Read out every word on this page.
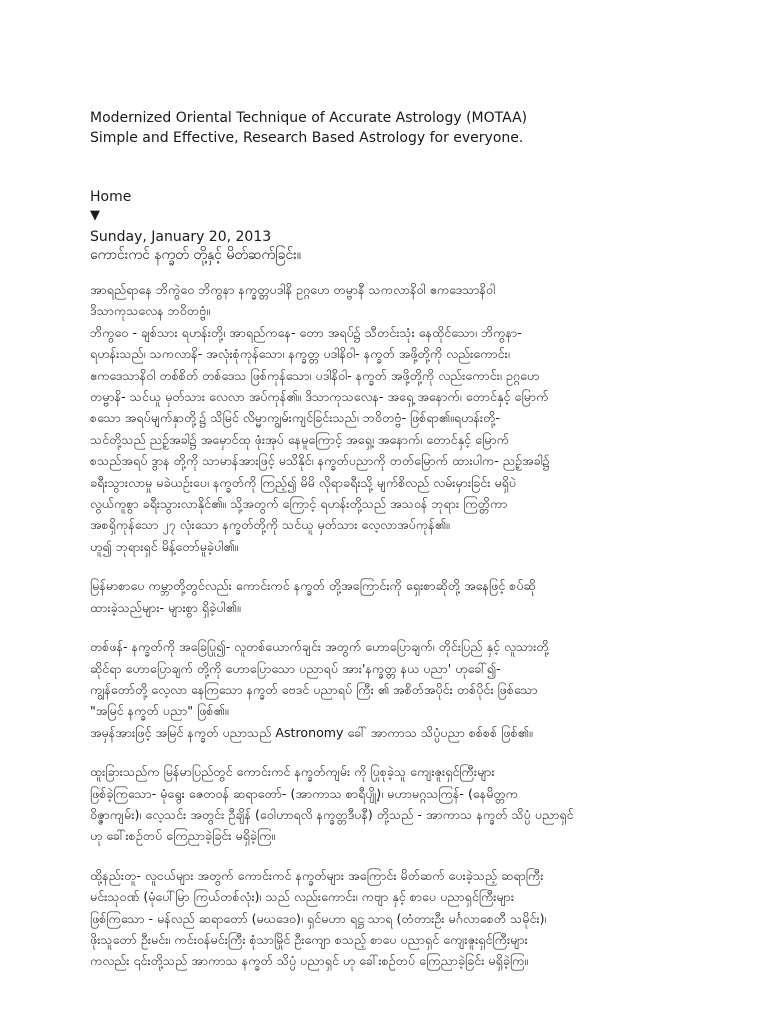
Modernized Oriental Technique of Accurate Astrology (MOTAA)
Simple and Effective, Research Based Astrology for everyone.
Home
▼
Sunday, January 20, 2013
ကောင်းကင် နက္ခတ် တို့နှင့် မိတ်ဆက်ခြင်း။
အာရည်ရာနေ ဘိကွဲဝေ ဘိကွနာ နက္ခတ္တပဒါနိ ဥဂ္ဂဟေ တမ္ဗာနီ သကလာနိဝါ ဧကဒေသာနိဝါ
ဒိသာကုသလေန ဘဝိတဗ္ဗံ။
ဘိကွဝေ - ချစ်သား ရဟန်းတို့၊ အာရည်ကနေ- တော အရပ်၌ သီတင်းသုံး နေထိုင်သော၊ ဘိကွနာ-
ရဟန်းသည်၊ သကလာနိ- အလုံးစုံကုန်သော၊ နက္ခတ္တ ပဒါနိဝါ- နက္ခတ် အဖို့တို့ကို လည်းကောင်း၊
ဧကဒေသာနိဝါ တစ်စိတ် တစ်ဒေသ ဖြစ်ကုန်သော၊ ပဒါနိဝါ- နက္ခတ် အဖို့တို့ကို လည်းကောင်း၊ ဥဂ္ဂဟေ
တမ္ဗာနိ- သင်ယူ မှတ်သား လေလာ အပ်ကုန်၏။ ဒိသာကုသလေန- အရှေ့ အနောက်၊ တောင်နှင့် မြောက်
စသော အရပ်မျက်နှာတို့၌ သိမြင် လိမ္မာကျွမ်းကျင်ခြင်းသည်၊ ဘဝိတဗ္ဗံ- ဖြစ်ရာ၏။ရဟန်းတို့-
သင်တို့သည် ညဥ့်အခါ၌ အမှောင်ထု ဖုံးအုပ် နေမူကြောင့် အရှေ့၊ အနောက်၊ တောင်နှင့် မြောက်
စသည်အရပ် ဒွာန တို့ကို သာမာန်အားဖြင့် မသိနိုင်၊ နက္ခတ်ပညာကို တတ်မြောက် ထားပါက- ညဥ့်အခါ၌
ခရီးသွားလာမှု မခဲယဥ်းပေ၊ နက္ခတ်ကို ကြည့်၍ မိမိ လိုရာခရီးသို့ မျက်စိလည် လမ်းမှားခြင်း မရှိပဲ
လွယ်ကူစွာ ခရီးသွားလာနိုင်၏။ သို့အတွက် ကြောင့် ရဟန်းတို့သည် အသဝန် ဘုရား ကြတ္တိကာ
အစရှိကုန်သော ၂၇ လုံးသော နက္ခတ်တို့ကို သင်ယူ မှတ်သား လေ့လာအပ်ကုန်၏။
ဟူ၍ ဘုရားရှင် မိန့်တော်မူခဲ့ပါ၏။
မြန်မာစာပေ ကမ္ဘာတို့တွင်လည်း ကောင်းကင် နက္ခတ် တို့အကြောင်းကို ရှေးစာဆိုတို့ အနေဖြင့် စပ်ဆို
ထားခဲ့သည်များ- များစွာ ရှိခဲ့ပါ၏။
တစ်ဖန်- နက္ခတ်ကို အခြေပြု၍- လူတစ်ယောက်ချင်း အတွက် ဟောပြောချက်၊ တိုင်းပြည် နှင့် လူသားတို့
ဆိုင်ရာ ဟောပြောချက် တို့ကို ဟောပြောသော ပညာရပ် အား'နက္ခတ္တ နယ ပညာ' ဟုခေါ်၍-
ကျွန်တော်တို့ လေ့လာ နေကြသော နက္ခတ် ဗေဒင် ပညာရပ် ကြီး ၏ အစိတ်အပိုင်း တစ်ပိုင်း ဖြစ်သော
"အမြင် နက္ခတ် ပညာ" ဖြစ်၏။
အမှန်အားဖြင့် အမြင် နက္ခတ် ပညာသည် Astronomy ခေါ် အာကာသ သိပ္ပံပညာ စစ်စစ် ဖြစ်၏။
ထူးခြားသည်က မြန်မာပြည်တွင် ကောင်းကင် နက္ခတ်ကျမ်း ကို ပြုစုခဲ့သူ ကျေးဇူးရှင်ကြီးများ
ဖြစ်ခဲ့ကြသော- မုံရွေး ဇေတဝန် ဆရာတော်- (အာကာသ စာရီပျို့)၊ မဟာမဂ္ဂသကြန်- (နေမိတ္တက
ဝိဇ္ဇာကျမ်း)၊ လေ့သင်း အတွင်း ဦချိန် (ဝေါဟာရလိ နက္ခတ္တဒီပနီ) တို့သည် - အာကာသ နက္ခတ် သိပ္ပံ ပညာရှင်
ဟု ခေါ်းစဥ်တပ် ကြေညာခဲ့ခြင်း မရှိခဲ့ကြ။
ထို့နည်းတူ- လူငယ်များ အတွက် ကောင်းကင် နက္ခတ်များ အကြောင်း မိတ်ဆက် ပေးခဲ့သည့် ဆရာကြီး
မင်းသုဝဏ် (မုံပေါ်မြာ ကြယ်တစ်လုံး)၊ သည် လည်းကောင်း၊ ကဗျာ နှင့် စာပေ ပညာရှင်ကြီးများ
ဖြစ်ကြသော - မန်လည် ဆရာတော် (မဃဒေဝ)၊ ရှင်မဟာ ရဋ္ဌ သာရ (တံတားဦး မင်္ဂလာစေတီ သမိုင်း)၊
ဖိုးသူတော် ဦးမင်း၊ ကင်းဝန်မင်းကြီး စုံသာမြိုင် ဦးကျော စသည့် စာပေ ပညာရှင် ကျေးဇူးရှင်ကြီးများ
ကလည်း ၎င်းတို့သည် အာကာသ နက္ခတ် သိပ္ပံ ပညာရှင် ဟု ခေါ်းစဥ်တပ် ကြေညာခဲ့ခြင်း မရှိခဲ့ကြ။
